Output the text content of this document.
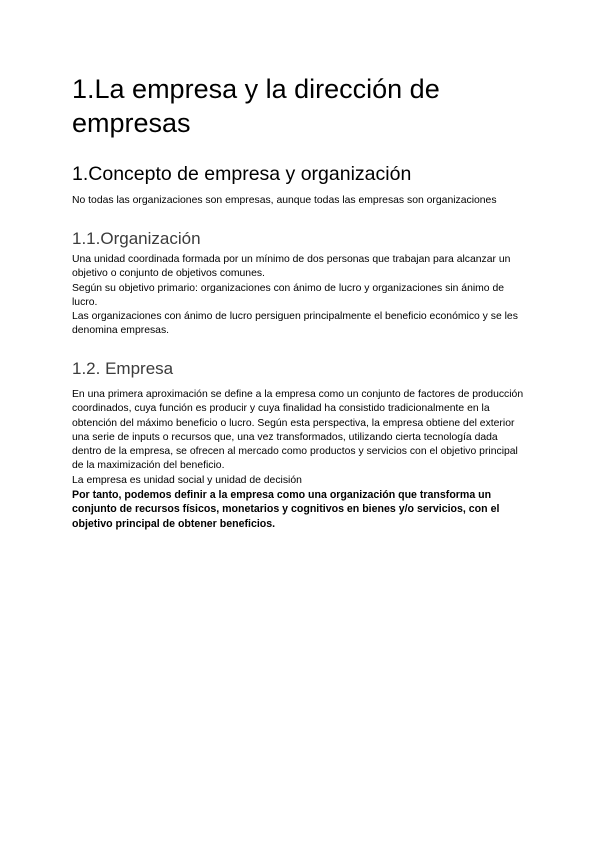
1.La empresa y la dirección de empresas
1.Concepto de empresa y organización

No todas las organizaciones son empresas, aunque todas las empresas son organizaciones

1.1.Organización

Una unidad coordinada formada por un mínimo de dos personas que trabajan para alcanzar un objetivo o conjunto de objetivos comunes.

Según su objetivo primario: organizaciones con ánimo de lucro y organizaciones sin ánimo de lucro.

Las organizaciones con ánimo de lucro persiguen principalmente el beneficio económico y se les denomina empresas.

1.2. Empresa

En una primera aproximación se define a la empresa como un conjunto de factores de producción coordinados, cuya función es producir y cuya finalidad ha consistido tradicionalmente en la obtención del máximo beneficio o lucro. Según esta perspectiva, la empresa obtiene del exterior una serie de inputs o recursos que, una vez transformados, utilizando cierta tecnología dada dentro de la empresa, se ofrecen al mercado como productos y servicios con el objetivo principal de la maximización del beneficio.

La empresa es unidad social y unidad de decisión

Por tanto, podemos definir a la empresa como una organización que transforma un conjunto de recursos físicos, monetarios y cognitivos en bienes y/o servicios, con el objetivo principal de obtener beneficios.
